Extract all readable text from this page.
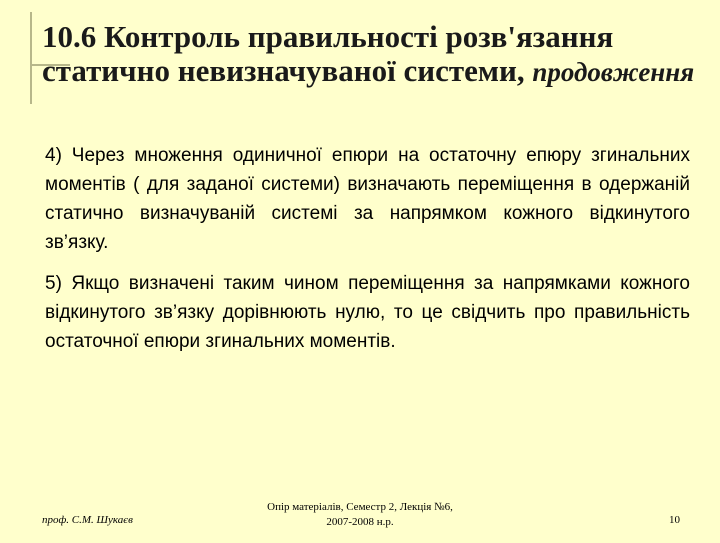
10.6 Контроль правильності розв'язання статично невизначуваної системи, продовження
4) Через множення одиничної епюри на остаточну епюру згинальних моментів ( для заданої системи) визначають переміщення в одержаній статично визначуваній системі за напрямком кожного відкинутого зв’язку.
5) Якщо визначені таким чином переміщення за напрямками кожного відкинутого зв’язку дорівнюють нулю, то це свідчить про правильність остаточної епюри згинальних моментів.
проф. С.М. Шукаєв
Опір матеріалів, Семестр 2, Лекція №6,
2007-2008 н.р.	10
